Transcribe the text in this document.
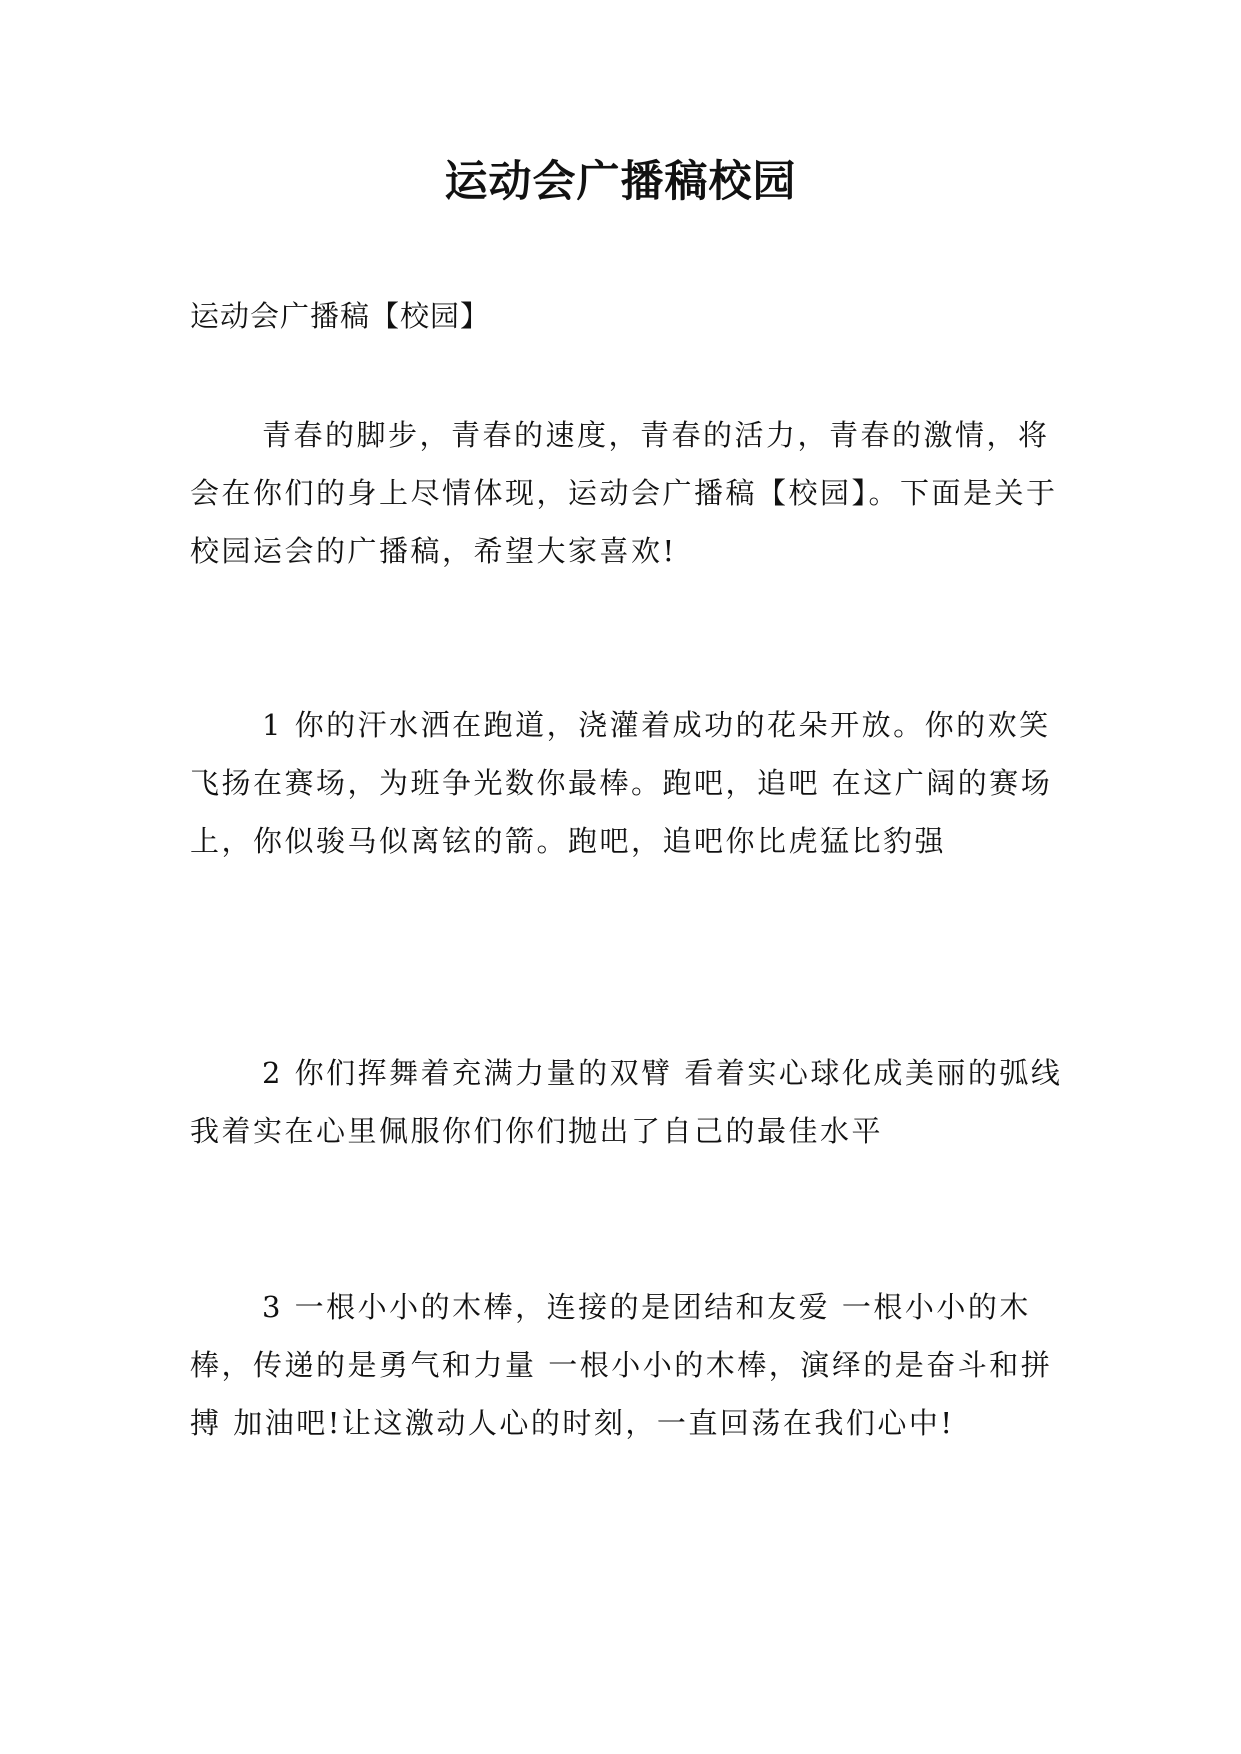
运动会广播稿校园

运动会广播稿【校园】

青春的脚步，青春的速度，青春的活力，青春的激情，将会在你们的身上尽情体现，运动会广播稿【校园】。下面是关于校园运会的广播稿，希望大家喜欢!

1 你的汗水洒在跑道，浇灌着成功的花朵开放。你的欢笑飞扬在赛场，为班争光数你最棒。跑吧，追吧 在这广阔的赛场上，你似骏马似离铉的箭。跑吧，追吧你比虎猛比豹强

2 你们挥舞着充满力量的双臂 看着实心球化成美丽的弧线 我着实在心里佩服你们你们抛出了自己的最佳水平

3 一根小小的木棒，连接的是团结和友爱 一根小小的木棒，传递的是勇气和力量 一根小小的木棒，演绎的是奋斗和拼搏 加油吧!让这激动人心的时刻，一直回荡在我们心中!
